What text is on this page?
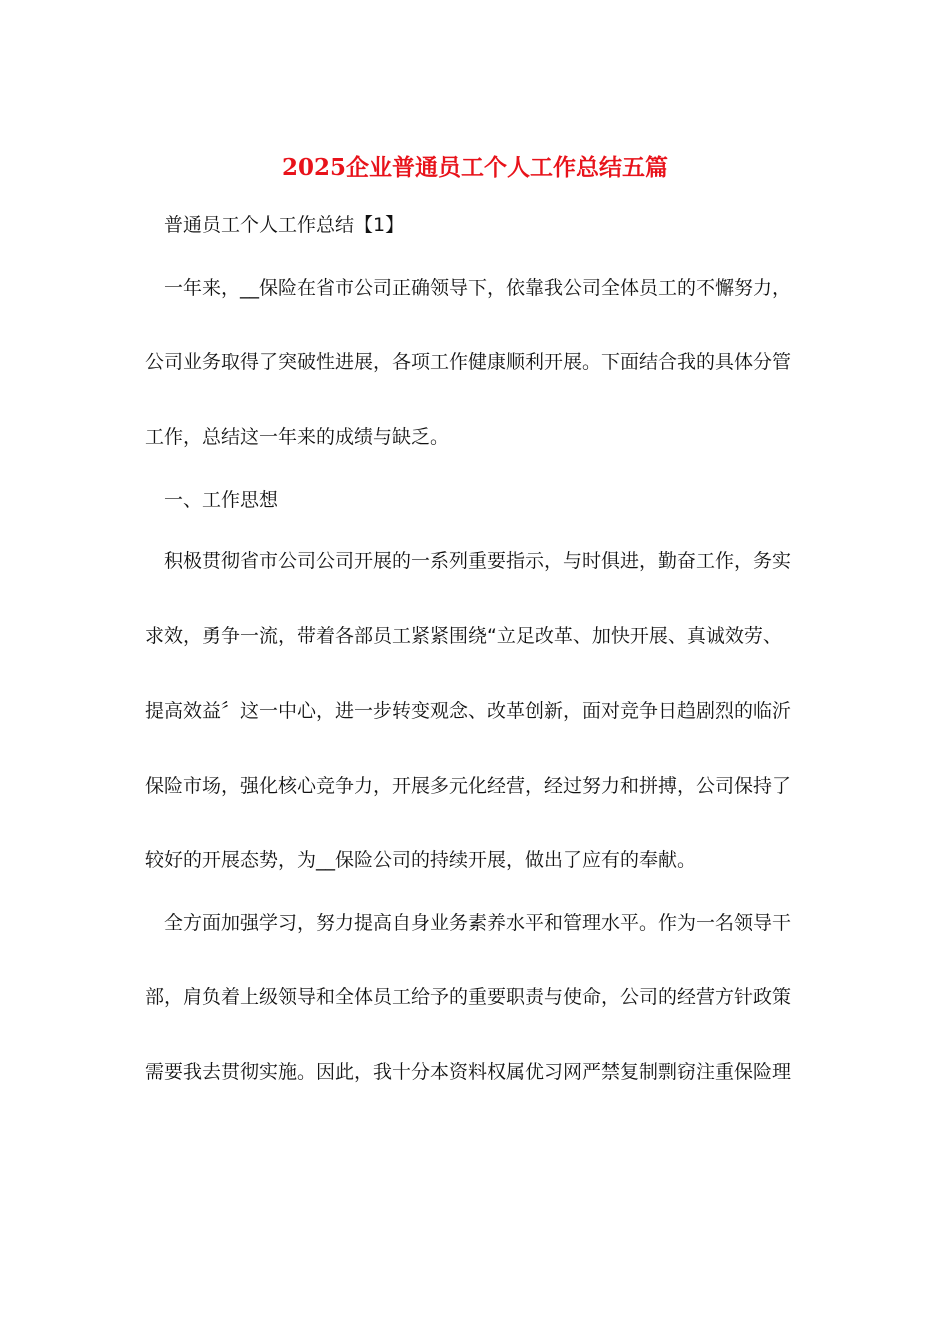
2025企业普通员工个人工作总结五篇

普通员工个人工作总结【1】

一年来，__保险在省市公司正确领导下，依靠我公司全体员工的不懈努力，

公司业务取得了突破性进展，各项工作健康顺利开展。下面结合我的具体分管

工作，总结这一年来的成绩与缺乏。

一、工作思想

积极贯彻省市公司公司开展的一系列重要指示，与时俱进，勤奋工作，务实

求效，勇争一流，带着各部员工紧紧围绕“立足改革、加快开展、真诚效劳、

提高效益〞这一中心，进一步转变观念、改革创新，面对竞争日趋剧烈的临沂

保险市场，强化核心竞争力，开展多元化经营，经过努力和拼搏，公司保持了

较好的开展态势，为__保险公司的持续开展，做出了应有的奉献。

全方面加强学习，努力提高自身业务素养水平和管理水平。作为一名领导干

部，肩负着上级领导和全体员工给予的重要职责与使命，公司的经营方针政策

需要我去贯彻实施。因此，我十分本资料权属优习网严禁复制剽窃注重保险理
